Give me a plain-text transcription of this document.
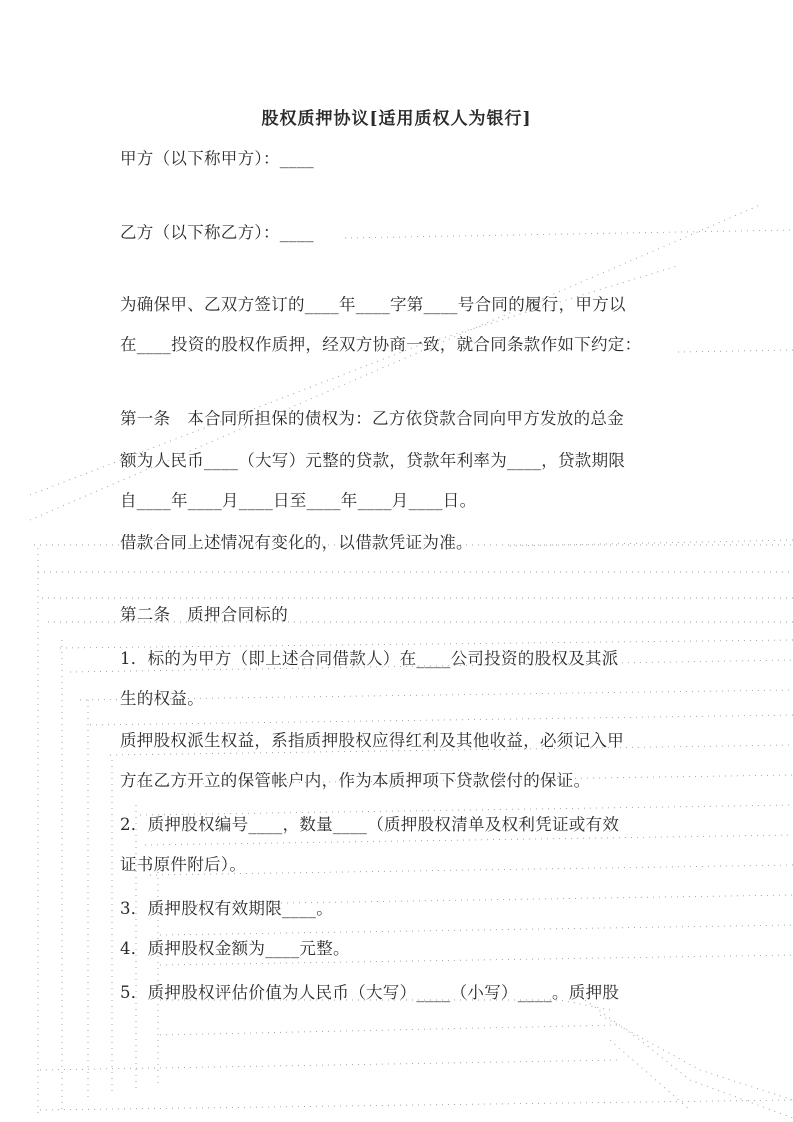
股权质押协议[适用质权人为银行]
甲方（以下称甲方）：____
乙方（以下称乙方）：____
为确保甲、乙双方签订的____年____字第____号合同的履行，甲方以
在____投资的股权作质押，经双方协商一致，就合同条款作如下约定：
第一条　本合同所担保的债权为：乙方依贷款合同向甲方发放的总金
额为人民币____（大写）元整的贷款，贷款年利率为____，贷款期限
自____年____月____日至____年____月____日。
借款合同上述情况有变化的，以借款凭证为准。
第二条　质押合同标的
1．标的为甲方（即上述合同借款人）在____公司投资的股权及其派
生的权益。
质押股权派生权益，系指质押股权应得红利及其他收益，必须记入甲
方在乙方开立的保管帐户内，作为本质押项下贷款偿付的保证。
2．质押股权编号____，数量____（质押股权清单及权利凭证或有效
证书原件附后）。
3．质押股权有效期限____。
4．质押股权金额为____元整。
5．质押股权评估价值为人民币（大写）____（小写）____。质押股
